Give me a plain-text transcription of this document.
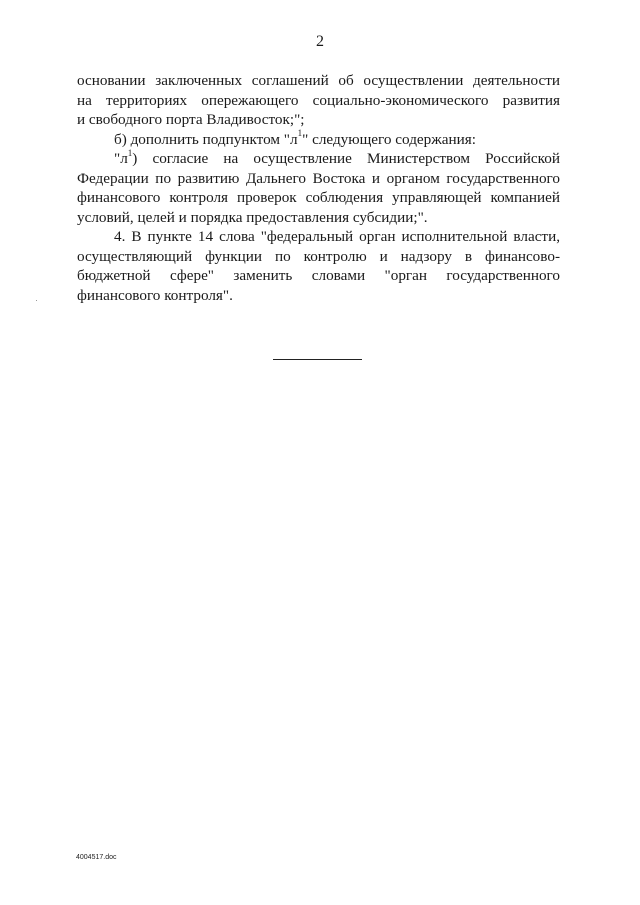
2
основании заключенных соглашений об осуществлении деятельности
на территориях опережающего социально-экономического развития
и свободного порта Владивосток;";
б) дополнить подпунктом "$л^1$" следующего содержания:
"$л^1$) согласие на осуществление Министерством Российской
Федерации по развитию Дальнего Востока и органом государственного
финансового контроля проверок соблюдения управляющей компанией
условий, целей и порядка предоставления субсидии;".
4. В пункте 14 слова "федеральный орган исполнительной власти,
осуществляющий функции по контролю и надзору в финансово-
бюджетной сфере" заменить словами "орган государственного
финансового контроля".
4004517.doc
